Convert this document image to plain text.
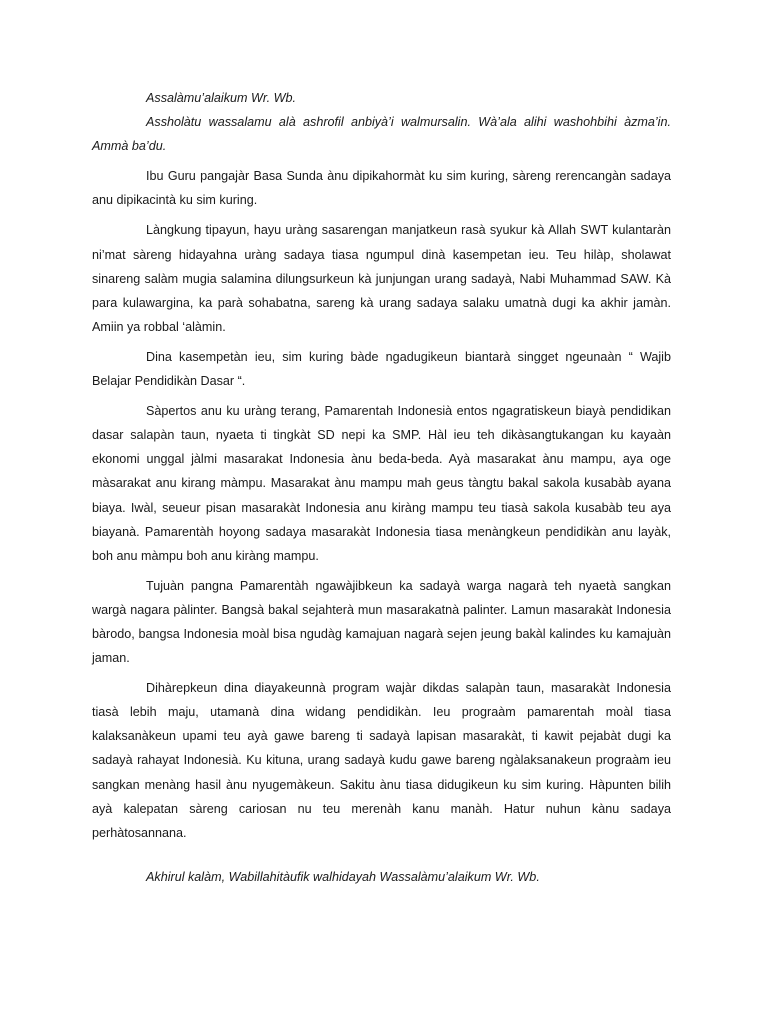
Assalàmu’alaikum Wr. Wb.

Assholàtu wassalamu alà ashrofil anbiyà’i walmursalin. Wà’ala alihi washohbihi àzma’in. Ammà ba’du.

Ibu Guru pangajàr Basa Sunda ànu dipikahormàt ku sim kuring, sàreng rerencangàn sadaya anu dipikacintà ku sim kuring.

Làngkung tipayun, hayu uràng sasarengan manjatkeun rasà syukur kà Allah SWT kulantaràn ni’mat sàreng hidayahna uràng sadaya tiasa ngumpul dinà kasempetan ieu. Teu hilàp, sholawat sinareng salàm mugia salamina dilungsurkeun kà junjungan urang sadayà, Nabi Muhammad SAW. Kà para kulawargina, ka parà sohabatna, sareng kà urang sadaya salaku umatnà dugi ka akhir jamàn. Amiin ya robbal ‘alàmin.

Dina kasempetàn ieu, sim kuring bàde ngadugikeun biantarà singget ngeunaàn “ Wajib Belajar Pendidikàn Dasar “.

Sàpertos anu ku uràng terang, Pamarentah Indonesià entos ngagratiskeun biayà pendidikan dasar salapàn taun, nyaeta ti tingkàt SD nepi ka SMP. Hàl ieu teh dikàsangtukangan ku kayaàn ekonomi unggal jàlmi masarakat Indonesia ànu beda-beda. Ayà masarakat ànu mampu, aya oge màsarakat anu kirang màmpu. Masarakat ànu mampu mah geus tàngtu bakal sakola kusabàb ayana biaya. Iwàl, seueur pisan masarakàt Indonesia anu kiràng mampu teu tiasà sakola kusabàb teu aya biayanà. Pamarentàh hoyong sadaya masarakàt Indonesia tiasa menàngkeun pendidikàn anu layàk, boh anu màmpu boh anu kiràng mampu.

Tujuàn pangna Pamarentàh ngawàjibkeun ka sadayà warga nagarà teh nyaetà sangkan wargà nagara pàlinter. Bangsà bakal sejahterà mun masarakatnà palinter. Lamun masarakàt Indonesia bàrodo, bangsa Indonesia moàl bisa ngudàg kamajuan nagarà sejen jeung bakàl kalindes ku kamajuàn jaman.

Dihàrepkeun dina diayakeunnà program wajàr dikdas salapàn taun, masarakàt Indonesia tiasà lebih maju, utamanà dina widang pendidikàn. Ieu prograàm pamarentah moàl tiasa kalaksanàkeun upami teu ayà gawe bareng ti sadayà lapisan masarakàt, ti kawit pejabàt dugi ka sadayà rahayat Indonesià. Ku kituna, urang sadayà kudu gawe bareng ngàlaksanakeun prograàm ieu sangkan menàng hasil ànu nyugemàkeun. Sakitu ànu tiasa didugikeun ku sim kuring. Hàpunten bilih ayà kalepatan sàreng cariosan nu teu merenàh kanu manàh. Hatur nuhun kànu sadaya perhàtosannana.

Akhirul kalàm, Wabillahitàufik walhidayah Wassalàmu’alaikum Wr. Wb.
